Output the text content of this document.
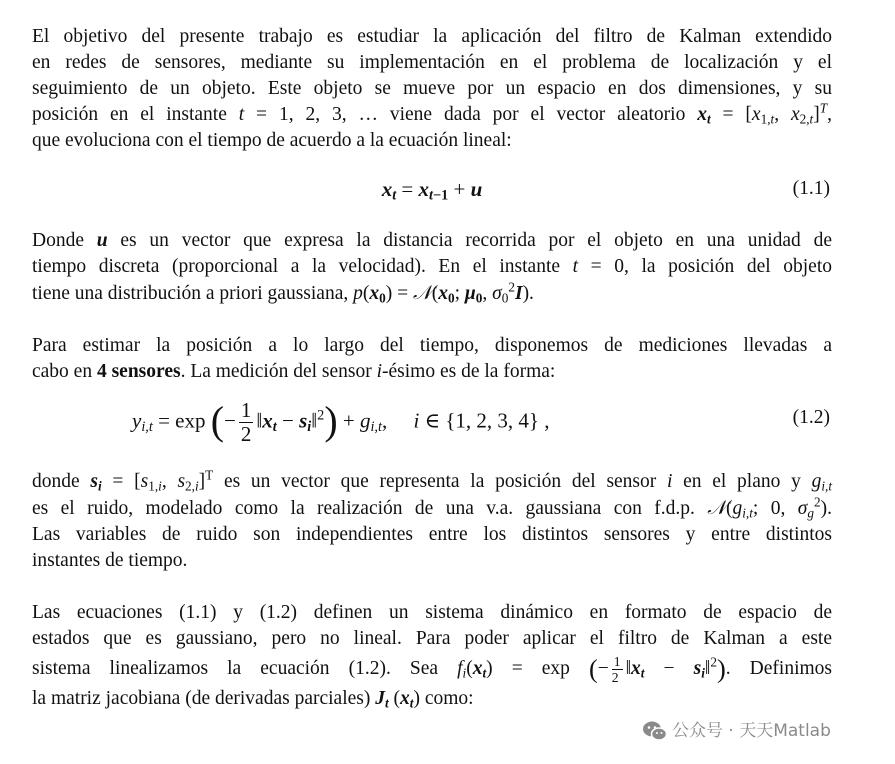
El objetivo del presente trabajo es estudiar la aplicación del filtro de Kalman extendido
en redes de sensores, mediante su implementación en el problema de localización y el
seguimiento de un objeto. Este objeto se mueve por un espacio en dos dimensiones, y su
posición en el instante t = 1, 2, 3, … viene dada por el vector aleatorio $x_t = [x_{1,t}$, $x_{2,t}]^T$,
que evoluciona con el tiempo de acuerdo a la ecuación lineal:

$x_t = x_{t-1} + u$	(1.1)

Donde u es un vector que expresa la distancia recorrida por el objeto en una unidad de
tiempo discreta (proporcional a la velocidad). En el instante t = 0, la posición del objeto
tiene una distribución a priori gaussiana, $p(x_0)$ = $𝒩(x_0$; $\mu_0$, $\sigma_0^2I$).

Para estimar la posición a lo largo del tiempo, disponemos de mediciones llevadas a
cabo en 4 sensores. La medición del sensor i-ésimo es de la forma:

$y_{i,t} = \exp$ (− $\frac{1}{2}$ $‖x_t$ − $s_i‖^2) + g_{i,t}$,     i ∈ {1, 2, 3, 4} ,	(1.2)

donde $s_i = [s_{1,i}$, $s_{2,i}]^T$ es un vector que representa la posición del sensor i en el plano y $g_{i,t}$
es el ruido, modelado como la realización de una v.a. gaussiana con f.d.p. $𝒩(g_{i,t}$; 0, $\sigma_g^2$).
Las variables de ruido son independientes entre los distintos sensores y entre distintos
instantes de tiempo.

Las ecuaciones (1.1) y (1.2) definen un sistema dinámico en formato de espacio de
estados que es gaussiano, pero no lineal. Para poder aplicar el filtro de Kalman a este
sistema linealizamos la ecuación (1.2). Sea $f_i(x_t) = \exp$ (− $\frac{1}{2}$ $‖x_t$ − $s_i‖^2$). Definimos
la matriz jacobiana (de derivadas parciales) $J_t$ $(x_t)$ como:

公众号 · 天天Matlab
